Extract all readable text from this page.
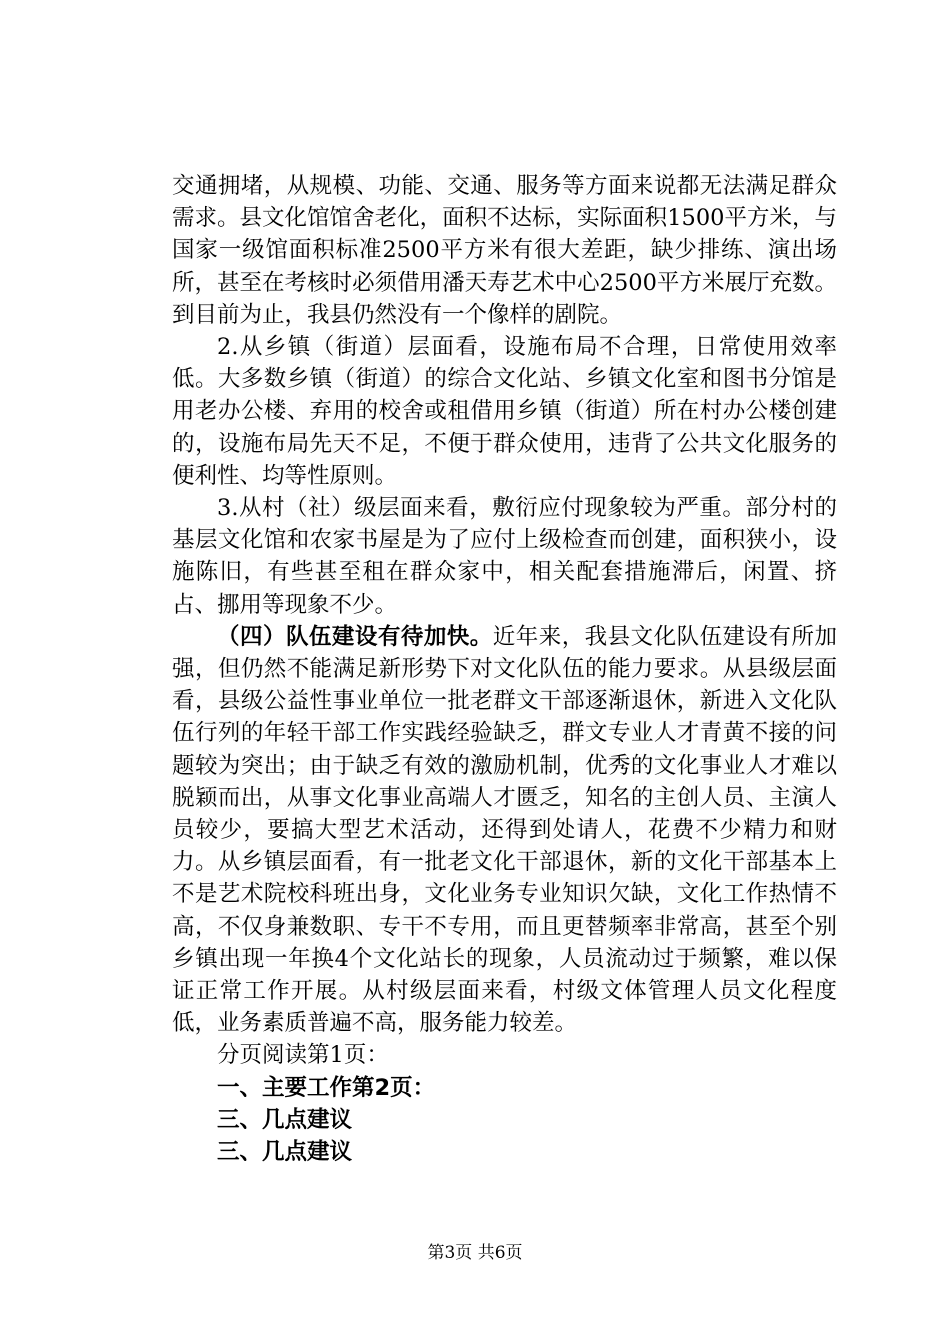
交通拥堵，从规模、功能、交通、服务等方面来说都无法满足群众需求。县文化馆馆舍老化，面积不达标，实际面积1500平方米，与国家一级馆面积标准2500平方米有很大差距，缺少排练、演出场所，甚至在考核时必须借用潘天寿艺术中心2500平方米展厅充数。到目前为止，我县仍然没有一个像样的剧院。

2.从乡镇（街道）层面看，设施布局不合理，日常使用效率低。大多数乡镇（街道）的综合文化站、乡镇文化室和图书分馆是用老办公楼、弃用的校舍或租借用乡镇（街道）所在村办公楼创建的，设施布局先天不足，不便于群众使用，违背了公共文化服务的便利性、均等性原则。

3.从村（社）级层面来看，敷衍应付现象较为严重。部分村的基层文化馆和农家书屋是为了应付上级检查而创建，面积狭小，设施陈旧，有些甚至租在群众家中，相关配套措施滞后，闲置、挤占、挪用等现象不少。

（四）队伍建设有待加快。近年来，我县文化队伍建设有所加强，但仍然不能满足新形势下对文化队伍的能力要求。从县级层面看，县级公益性事业单位一批老群文干部逐渐退休，新进入文化队伍行列的年轻干部工作实践经验缺乏，群文专业人才青黄不接的问题较为突出；由于缺乏有效的激励机制，优秀的文化事业人才难以脱颖而出，从事文化事业高端人才匮乏，知名的主创人员、主演人员较少，要搞大型艺术活动，还得到处请人，花费不少精力和财力。从乡镇层面看，有一批老文化干部退休，新的文化干部基本上不是艺术院校科班出身，文化业务专业知识欠缺，文化工作热情不高，不仅身兼数职、专干不专用，而且更替频率非常高，甚至个别乡镇出现一年换4个文化站长的现象，人员流动过于频繁，难以保证正常工作开展。从村级层面来看，村级文体管理人员文化程度低，业务素质普遍不高，服务能力较差。

分页阅读第1页：

一、主要工作第2页：

三、几点建议

三、几点建议

第3页 共6页
